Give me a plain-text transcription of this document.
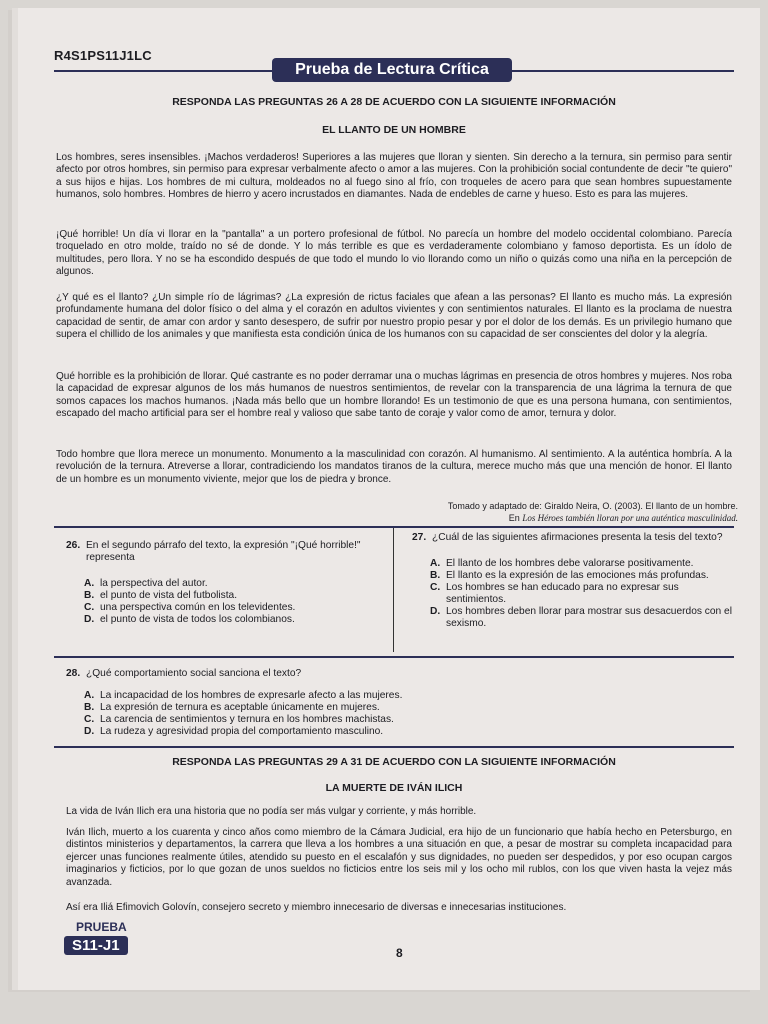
R4S1PS11J1LC
Prueba de Lectura Crítica
RESPONDA LAS PREGUNTAS 26 A 28 DE ACUERDO CON LA SIGUIENTE INFORMACIÓN
EL LLANTO DE UN HOMBRE
Los hombres, seres insensibles. ¡Machos verdaderos! Superiores a las mujeres que lloran y sienten. Sin derecho a la ternura, sin permiso para sentir afecto por otros hombres, sin permiso para expresar verbalmente afecto o amor a las mujeres. Con la prohibición social contundente de decir "te quiero" a sus hijos e hijas. Los hombres de mi cultura, moldeados no al fuego sino al frío, con troqueles de acero para que sean hombres supuestamente humanos, solo hombres. Hombres de hierro y acero incrustados en diamantes. Nada de endebles de carne y hueso. Esto es para las mujeres.
¡Qué horrible! Un día vi llorar en la "pantalla" a un portero profesional de fútbol. No parecía un hombre del modelo occidental colombiano. Parecía troquelado en otro molde, traído no sé de donde. Y lo más terrible es que es verdaderamente colombiano y famoso deportista. Es un ídolo de multitudes, pero llora. Y no se ha escondido después de que todo el mundo lo vio llorando como un niño o quizás como una niña en la percepción de algunos.
¿Y qué es el llanto? ¿Un simple río de lágrimas? ¿La expresión de rictus faciales que afean a las personas? El llanto es mucho más. La expresión profundamente humana del dolor físico o del alma y el corazón en adultos vivientes y con sentimientos naturales. El llanto es la proclama de nuestra capacidad de sentir, de amar con ardor y santo desespero, de sufrir por nuestro propio pesar y por el dolor de los demás. Es un privilegio humano que supera el chillido de los animales y que manifiesta esta condición única de los humanos con su capacidad de ser conscientes del dolor y la alegría.
Qué horrible es la prohibición de llorar. Qué castrante es no poder derramar una o muchas lágrimas en presencia de otros hombres y mujeres. Nos roba la capacidad de expresar algunos de los más humanos de nuestros sentimientos, de revelar con la transparencia de una lágrima la ternura de que somos capaces los machos humanos. ¡Nada más bello que un hombre llorando! Es un testimonio de que es una persona humana, con sentimientos, escapado del macho artificial para ser el hombre real y valioso que sabe tanto de coraje y valor como de amor, ternura y dolor.
Todo hombre que llora merece un monumento. Monumento a la masculinidad con corazón. Al humanismo. Al sentimiento. A la auténtica hombría. A la revolución de la ternura. Atreverse a llorar, contradiciendo los mandatos tiranos de la cultura, merece mucho más que una mención de honor. El llanto de un hombre es un monumento viviente, mejor que los de piedra y bronce.
Tomado y adaptado de: Giraldo Neira, O. (2003). El llanto de un hombre.
En Los Héroes también lloran por una auténtica masculinidad.
26. En el segundo párrafo del texto, la expresión "¡Qué horrible!" representa
A. la perspectiva del autor.
B. el punto de vista del futbolista.
C. una perspectiva común en los televidentes.
D. el punto de vista de todos los colombianos.
27. ¿Cuál de las siguientes afirmaciones presenta la tesis del texto?
A. El llanto de los hombres debe valorarse positivamente.
B. El llanto es la expresión de las emociones más profundas.
C. Los hombres se han educado para no expresar sus sentimientos.
D. Los hombres deben llorar para mostrar sus desacuerdos con el sexismo.
28. ¿Qué comportamiento social sanciona el texto?
A. La incapacidad de los hombres de expresarle afecto a las mujeres.
B. La expresión de ternura es aceptable únicamente en mujeres.
C. La carencia de sentimientos y ternura en los hombres machistas.
D. La rudeza y agresividad propia del comportamiento masculino.
RESPONDA LAS PREGUNTAS 29 A 31 DE ACUERDO CON LA SIGUIENTE INFORMACIÓN
LA MUERTE DE IVÁN ILICH
La vida de Iván Ilich era una historia que no podía ser más vulgar y corriente, y más horrible.
Iván Ilich, muerto a los cuarenta y cinco años como miembro de la Cámara Judicial, era hijo de un funcionario que había hecho en Petersburgo, en distintos ministerios y departamentos, la carrera que lleva a los hombres a una situación en que, a pesar de mostrar su completa incapacidad para ejercer unas funciones realmente útiles, atendido su puesto en el escalafón y sus dignidades, no pueden ser despedidos, y por eso ocupan cargos imaginarios y ficticios, por lo que gozan de unos sueldos no ficticios entre los seis mil y los ocho mil rublos, con los que viven hasta la vejez más avanzada.
Así era Iliá Efimovich Golovín, consejero secreto y miembro innecesario de diversas e innecesarias instituciones.
PRUEBA
S11-J1	8
